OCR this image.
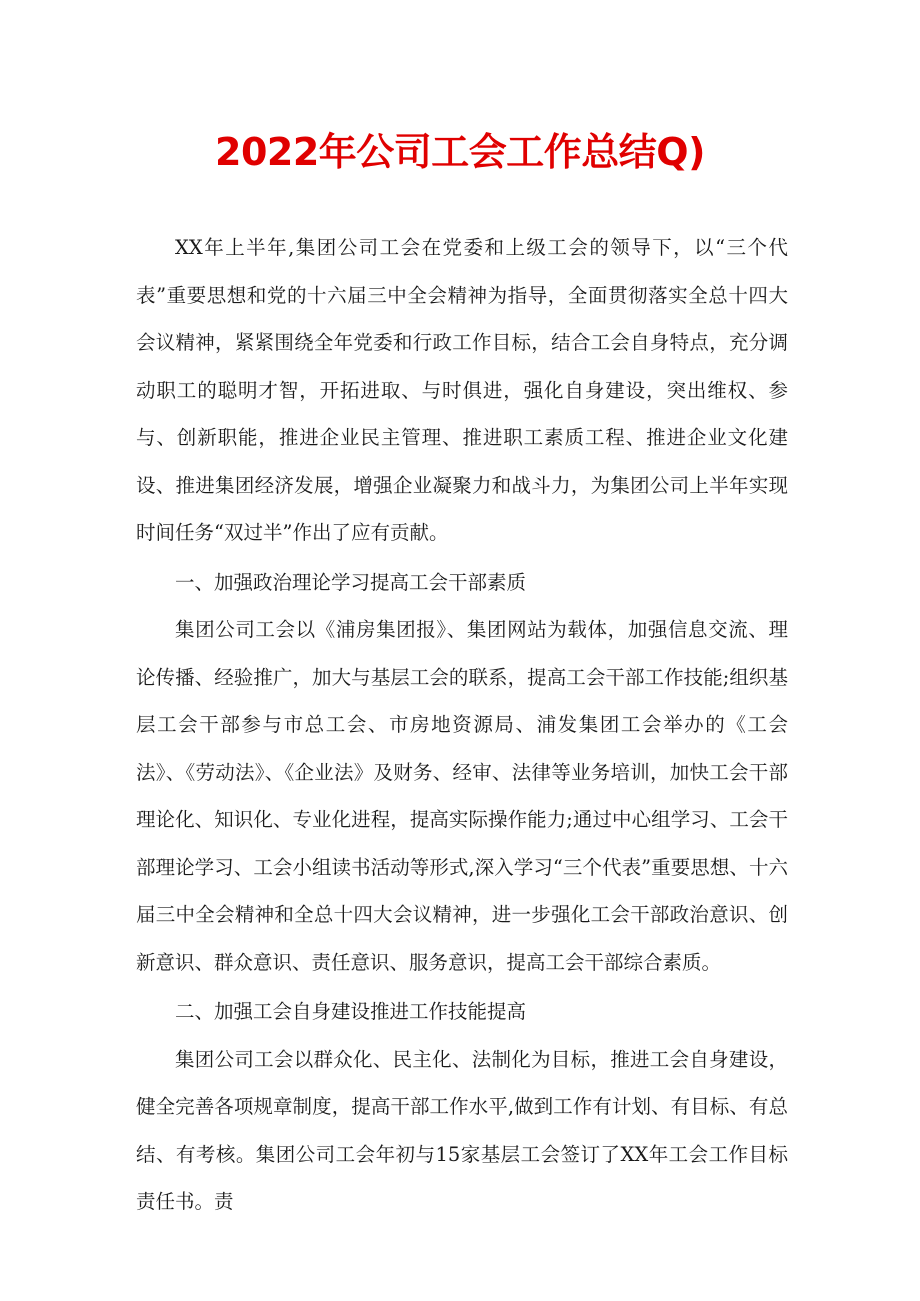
2022年公司工会工作总结Q)

XX年上半年,集团公司工会在党委和上级工会的领导下，以“三个代表”重要思想和党的十六届三中全会精神为指导，全面贯彻落实全总十四大会议精神，紧紧围绕全年党委和行政工作目标，结合工会自身特点，充分调动职工的聪明才智，开拓进取、与时俱进，强化自身建设，突出维权、参与、创新职能，推进企业民主管理、推进职工素质工程、推进企业文化建设、推进集团经济发展，增强企业凝聚力和战斗力，为集团公司上半年实现时间任务“双过半”作出了应有贡献。

一、加强政治理论学习提高工会干部素质

集团公司工会以《浦房集团报》、集团网站为载体，加强信息交流、理论传播、经验推广，加大与基层工会的联系，提高工会干部工作技能;组织基层工会干部参与市总工会、市房地资源局、浦发集团工会举办的《工会法》、《劳动法》、《企业法》及财务、经审、法律等业务培训，加快工会干部理论化、知识化、专业化进程，提高实际操作能力;通过中心组学习、工会干部理论学习、工会小组读书活动等形式,深入学习“三个代表”重要思想、十六届三中全会精神和全总十四大会议精神，进一步强化工会干部政治意识、创新意识、群众意识、责任意识、服务意识，提高工会干部综合素质。

二、加强工会自身建设推进工作技能提高

集团公司工会以群众化、民主化、法制化为目标，推进工会自身建设，健全完善各项规章制度，提高干部工作水平,做到工作有计划、有目标、有总结、有考核。集团公司工会年初与15家基层工会签订了XX年工会工作目标责任书。责
